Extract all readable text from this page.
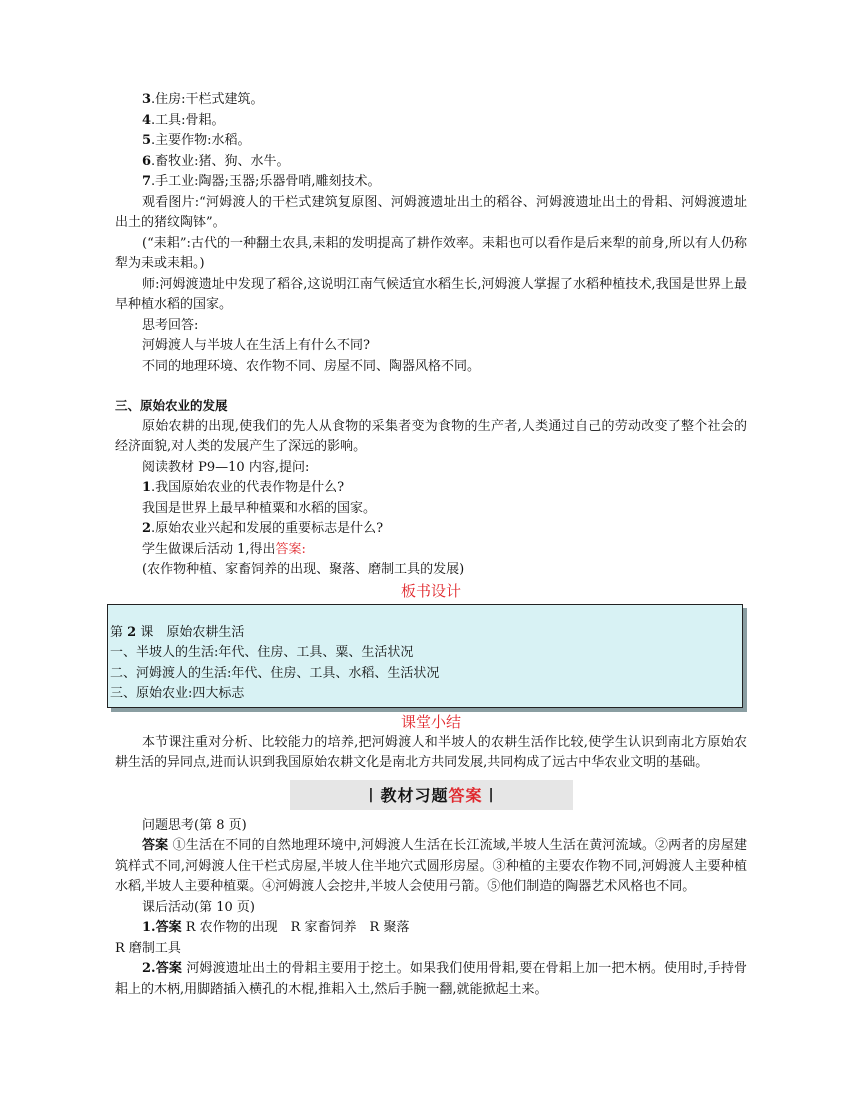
3.住房:干栏式建筑。
4.工具:骨耜。
5.主要作物:水稻。
6.畜牧业:猪、狗、水牛。
7.手工业:陶器;玉器;乐器骨哨,雕刻技术。
观看图片:“河姆渡人的干栏式建筑复原图、河姆渡遗址出土的稻谷、河姆渡遗址出土的骨耜、河姆渡遗址出土的猪纹陶钵”。
(“耒耜”:古代的一种翻土农具,耒耜的发明提高了耕作效率。耒耜也可以看作是后来犁的前身,所以有人仍称犁为耒或耒耜。)
师:河姆渡遗址中发现了稻谷,这说明江南气候适宜水稻生长,河姆渡人掌握了水稻种植技术,我国是世界上最早种植水稻的国家。
思考回答:
河姆渡人与半坡人在生活上有什么不同?
不同的地理环境、农作物不同、房屋不同、陶器风格不同。
三、原始农业的发展
原始农耕的出现,使我们的先人从食物的采集者变为食物的生产者,人类通过自己的劳动改变了整个社会的经济面貌,对人类的发展产生了深远的影响。
阅读教材 P9—10 内容,提问:
1.我国原始农业的代表作物是什么?
我国是世界上最早种植粟和水稻的国家。
2.原始农业兴起和发展的重要标志是什么?
学生做课后活动 1,得出答案:
(农作物种植、家畜饲养的出现、聚落、磨制工具的发展)
板书设计
第 2 课　原始农耕生活
一、半坡人的生活:年代、住房、工具、粟、生活状况
二、河姆渡人的生活:年代、住房、工具、水稻、生活状况
三、原始农业:四大标志
课堂小结
本节课注重对分析、比较能力的培养,把河姆渡人和半坡人的农耕生活作比较,使学生认识到南北方原始农耕生活的异同点,进而认识到我国原始农耕文化是南北方共同发展,共同构成了远古中华农业文明的基础。
| 教材习题 答案 |
问题思考(第 8 页)
答案 ①生活在不同的自然地理环境中,河姆渡人生活在长江流域,半坡人生活在黄河流域。②两者的房屋建筑样式不同,河姆渡人住干栏式房屋,半坡人住半地穴式圆形房屋。③种植的主要农作物不同,河姆渡人主要种植水稻,半坡人主要种植粟。④河姆渡人会挖井,半坡人会使用弓箭。⑤他们制造的陶器艺术风格也不同。
课后活动(第 10 页)
1.答案 R 农作物的出现　R 家畜饲养　R 聚落
R 磨制工具
2.答案 河姆渡遗址出土的骨耜主要用于挖土。如果我们使用骨耜,要在骨耜上加一把木柄。使用时,手持骨耜上的木柄,用脚踏插入横孔的木棍,推耜入土,然后手腕一翻,就能掀起土来。
